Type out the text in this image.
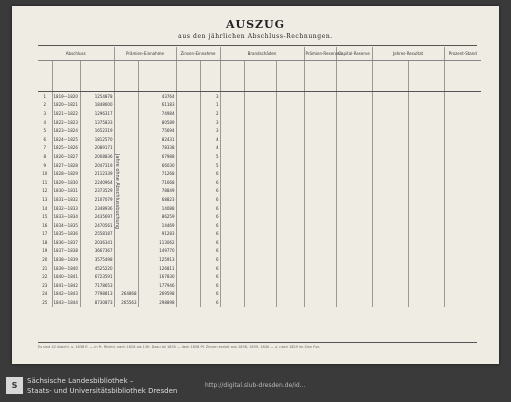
AUSZUG
aus den jährlichen Abschluss-Rechnungen.
Abschluss			Prämien-Einnahme		Zinsen-Einnahme		Brandschäden			Prämien-Reserven	Capital-Reserve	Jahres-Resultat		Prozent-Stand

1	1819—1820	1254878		43764		3								
2	1820—1821	1848600		61183		1								
3	1821—1822	1296317		74984		2								
4	1822—1823	1375833		80589		3								
5	1823—1824	1652319		75694		3								
6	1824—1825	1812570		82431		4								
7	1825—1826	2089171		78338		4								
8	1826—1827	2008836		67988		5								
9	1827—1828	2047319		66030		5								
10	1828—1829	2112339		71268		6								
11	1829—1830	2240964		71668		6								
12	1830—1831	2373529		78849		6								
13	1831—1832	2107079		68823		6								
14	1832—1833	2348936		14088		6								
15	1833—1834	2435697		86259		6								
16	1834—1835	2470561		14469		6								
17	1835—1836	2558187		91283		6								
18	1836—1837	2036341		113062		6								
19	1837—1838	3667367		149770		6								
20	1838—1839	3575498		125913		6								
21	1839—1840	4525220		126811		6								
22	1840—1841	6723591		167830		6								
23	1841—1842	7178653		177946		6								
24	1842—1843	7798813	264868	269598		6								
25	1843—1844	8730873	265563	298898		6								
Jahre ohne Abschlussbuchung
Es sind 42 Abschl. u. 1838 fl. — in Fr. Rheinl. nach 1828 als 13fr. Dazu ist 1830 — dem 1838 Pf. Zinsen erzielt aus 1838, 1839, 1840 — u. nach 1829 im Sinn Fsn.
S	Sächsische Landesbibliothek –
Staats- und Universitätsbibliothek Dresden
http://digital.slub-dresden.de/id...
